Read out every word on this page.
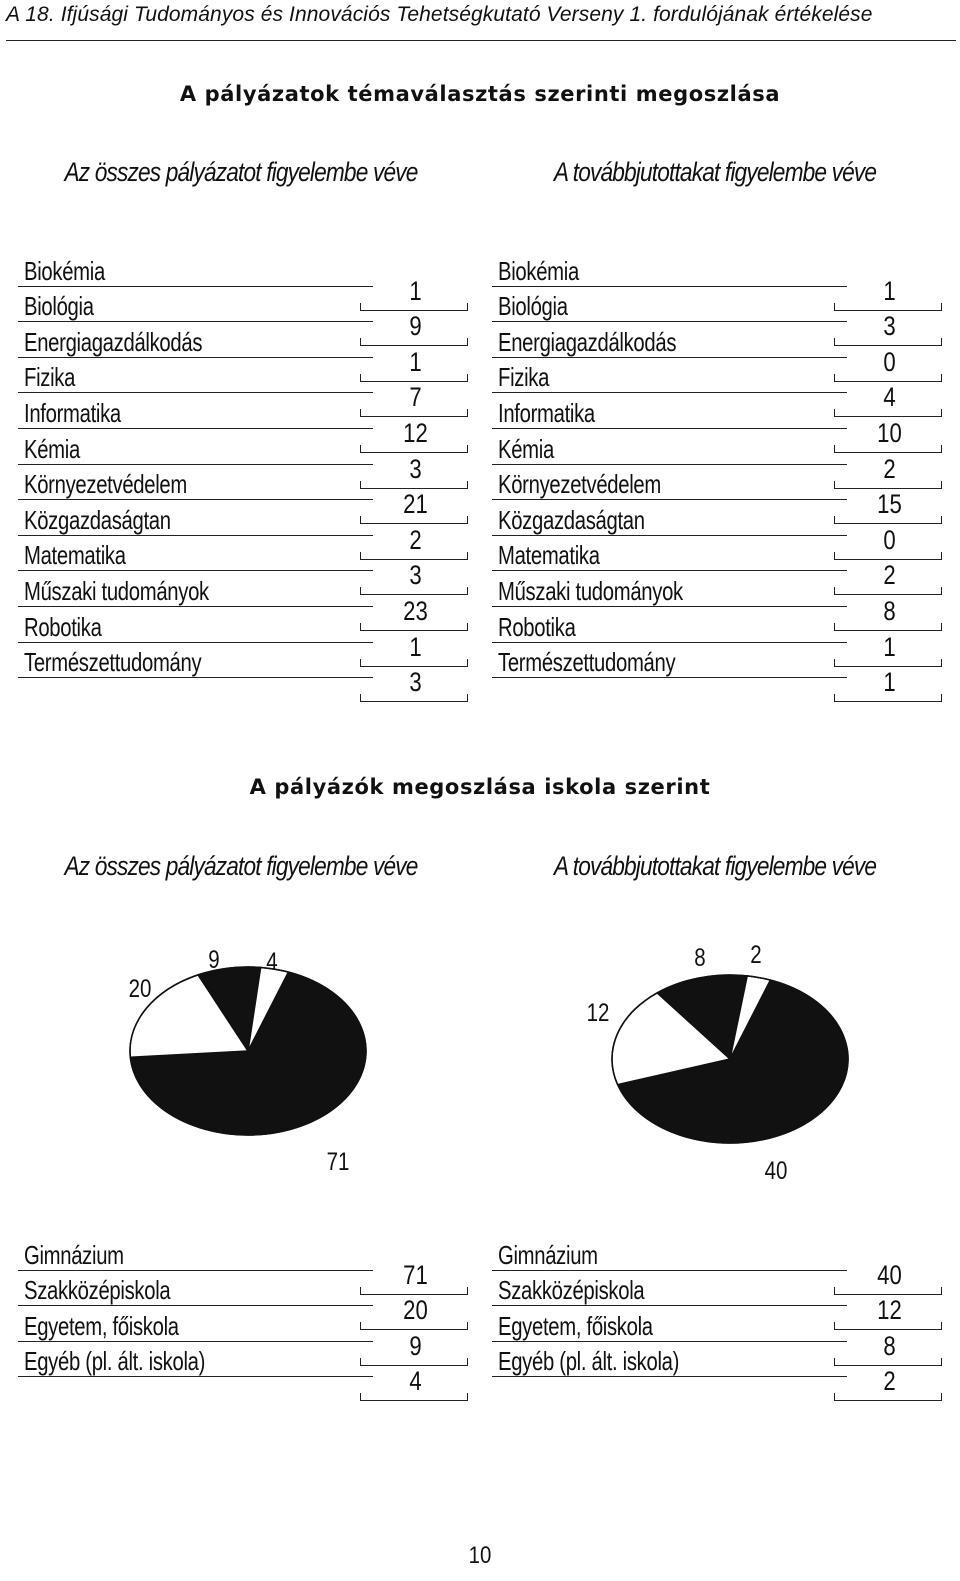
A 18. Ifjúsági Tudományos és Innovációs Tehetségkutató Verseny 1. fordulójának értékelése
A pályázatok témaválasztás szerinti megoszlása
Az összes pályázatot figyelembe véve	A továbbjutottakat figyelembe véve
Biokémia
1
Biológia
9
Energiagazdálkodás
1
Fizika
7
Informatika
12
Kémia
3
Környezetvédelem
21
Közgazdaságtan
2
Matematika
3
Műszaki tudományok
23
Robotika
1
Természettudomány
3
Biokémia
1
Biológia
3
Energiagazdálkodás
0
Fizika
4
Informatika
10
Kémia
2
Környezetvédelem
15
Közgazdaságtan
0
Matematika
2
Műszaki tudományok
8
Robotika
1
Természettudomány
1
A pályázók megoszlása iskola szerint
Az összes pályázatot figyelembe véve	A továbbjutottakat figyelembe véve
71
20
9 4
40
12
8 2
Gimnázium
71
Szakközépiskola
20
Egyetem, főiskola
9
Egyéb (pl. ált. iskola)
4
Gimnázium
40
Szakközépiskola
12
Egyetem, főiskola
8
Egyéb (pl. ált. iskola)
2
10
